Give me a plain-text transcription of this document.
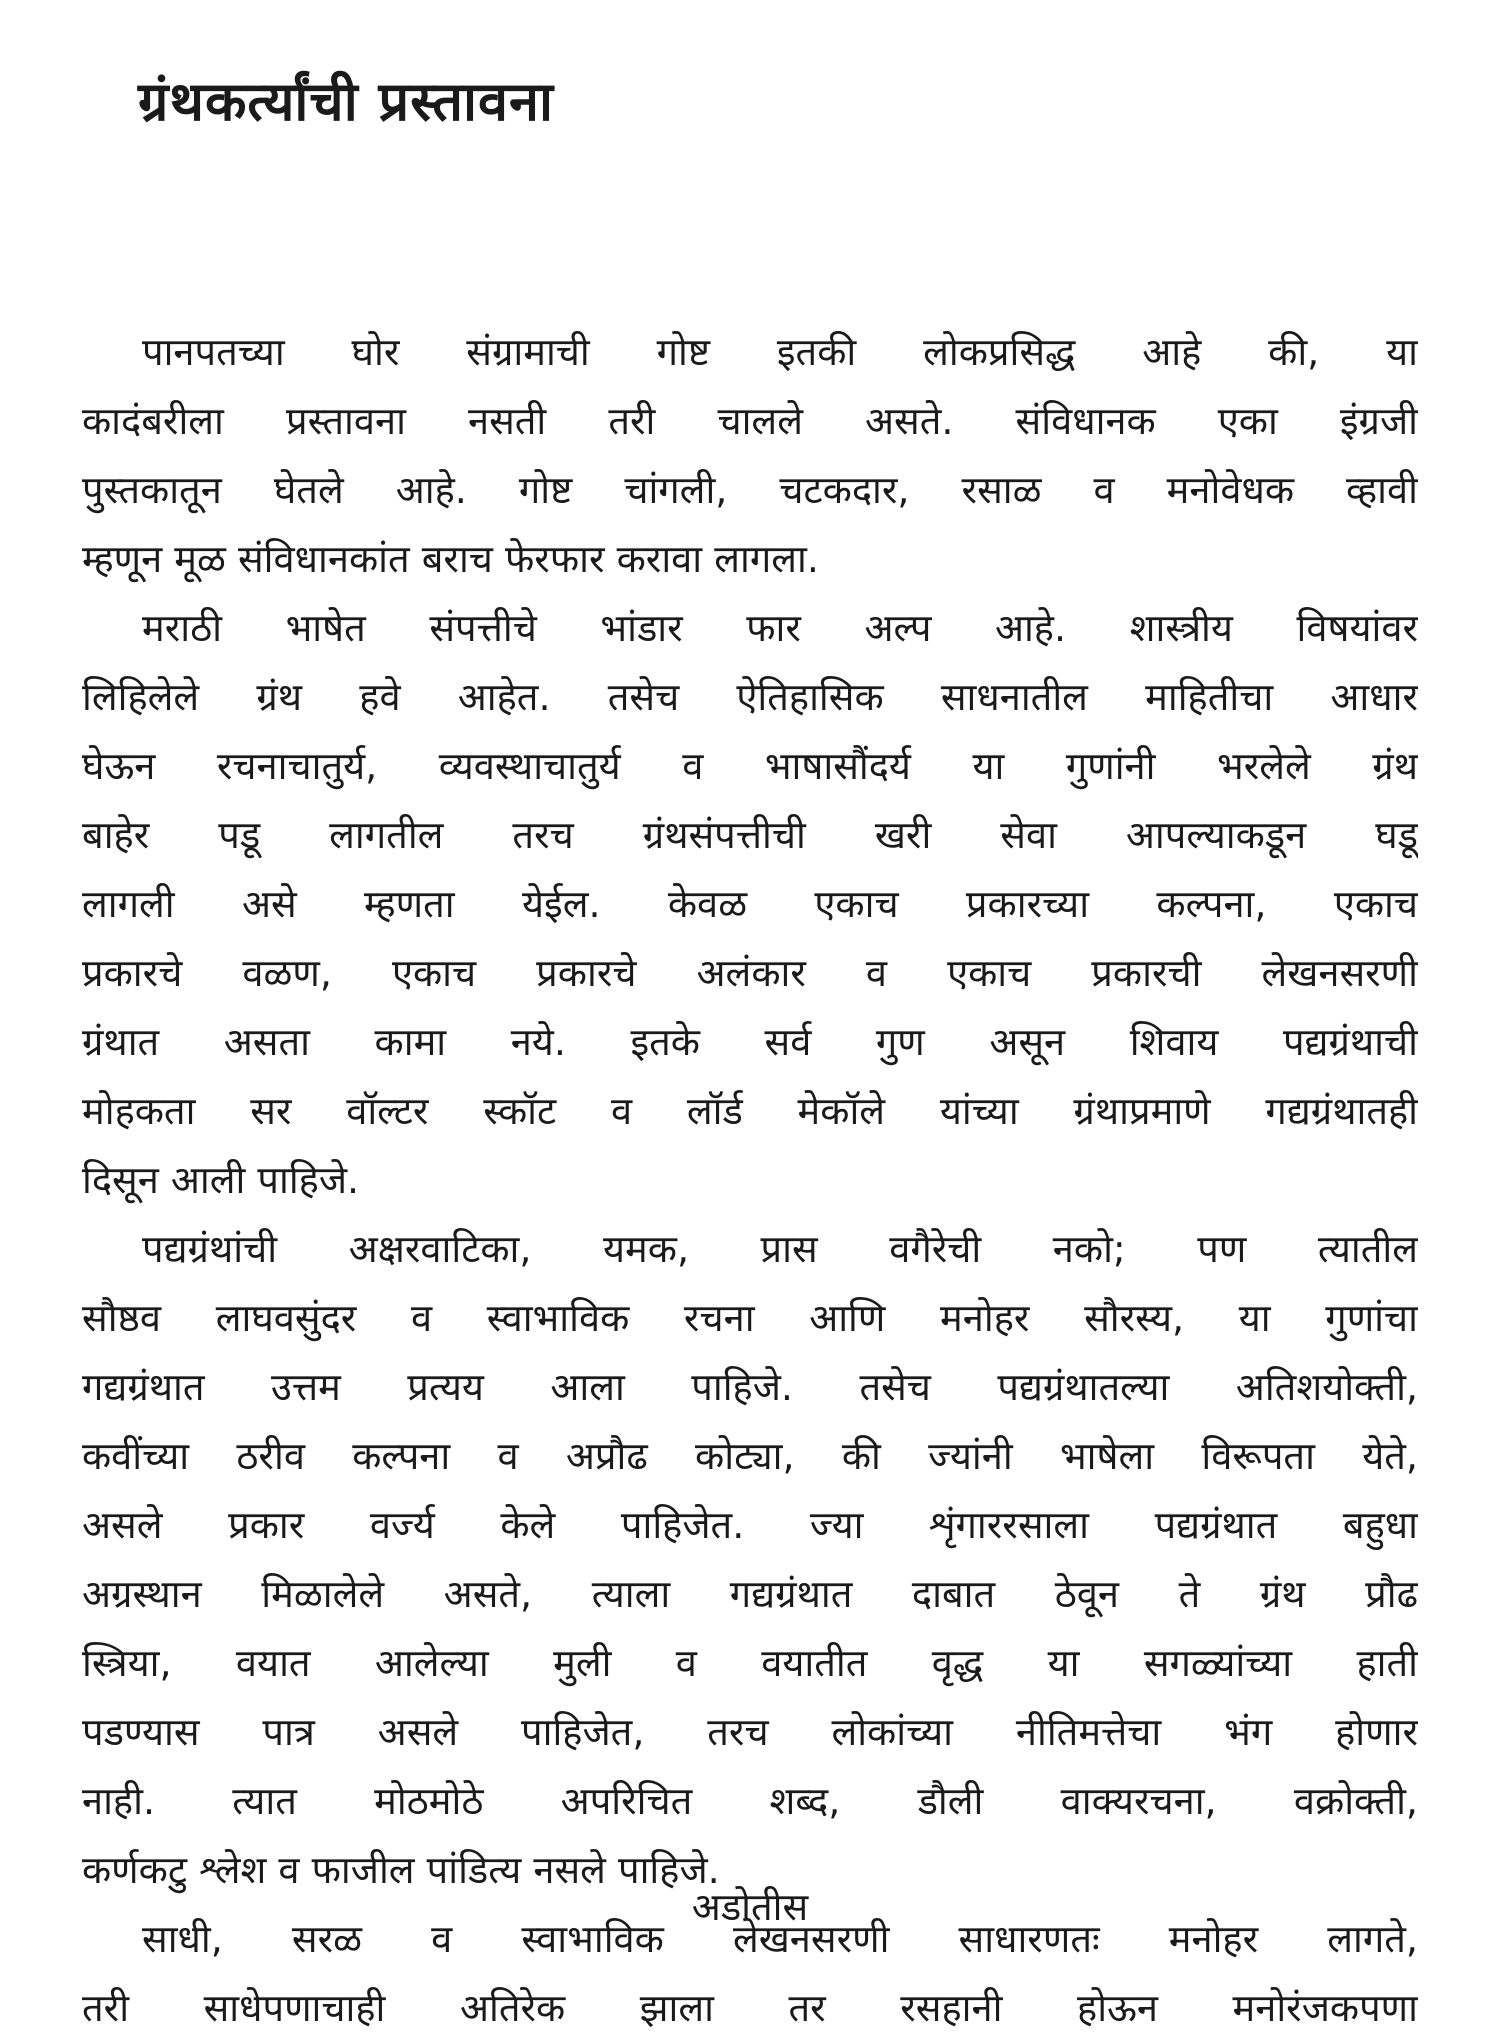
ग्रंथकर्त्यांची प्रस्तावना
पानपतच्या घोर संग्रामाची गोष्ट इतकी लोकप्रसिद्ध आहे की, या
कादंबरीला प्रस्तावना नसती तरी चालले असते. संविधानक एका इंग्रजी
पुस्तकातून घेतले आहे. गोष्ट चांगली, चटकदार, रसाळ व मनोवेधक व्हावी
म्हणून मूळ संविधानकांत बराच फेरफार करावा लागला.
मराठी भाषेत संपत्तीचे भांडार फार अल्प आहे. शास्त्रीय विषयांवर
लिहिलेले ग्रंथ हवे आहेत. तसेच ऐतिहासिक साधनातील माहितीचा आधार
घेऊन रचनाचातुर्य, व्यवस्थाचातुर्य व भाषासौंदर्य या गुणांनी भरलेले ग्रंथ
बाहेर पडू लागतील तरच ग्रंथसंपत्तीची खरी सेवा आपल्याकडून घडू
लागली असे म्हणता येईल. केवळ एकाच प्रकारच्या कल्पना, एकाच
प्रकारचे वळण, एकाच प्रकारचे अलंकार व एकाच प्रकारची लेखनसरणी
ग्रंथात असता कामा नये. इतके सर्व गुण असून शिवाय पद्यग्रंथाची
मोहकता सर वॉल्टर स्कॉट व लॉर्ड मेकॉले यांच्या ग्रंथाप्रमाणे गद्यग्रंथातही
दिसून आली पाहिजे.
पद्यग्रंथांची अक्षरवाटिका, यमक, प्रास वगैरेची नको; पण त्यातील
सौष्ठव लाघवसुंदर व स्वाभाविक रचना आणि मनोहर सौरस्य, या गुणांचा
गद्यग्रंथात उत्तम प्रत्यय आला पाहिजे. तसेच पद्यग्रंथातल्या अतिशयोक्ती,
कवींच्या ठरीव कल्पना व अप्रौढ कोट्या, की ज्यांनी भाषेला विरूपता येते,
असले प्रकार वर्ज्य केले पाहिजेत. ज्या शृंगाररसाला पद्यग्रंथात बहुधा
अग्रस्थान मिळालेले असते, त्याला गद्यग्रंथात दाबात ठेवून ते ग्रंथ प्रौढ
स्त्रिया, वयात आलेल्या मुली व वयातीत वृद्ध या सगळ्यांच्या हाती
पडण्यास पात्र असले पाहिजेत, तरच लोकांच्या नीतिमत्तेचा भंग होणार
नाही. त्यात मोठमोठे अपरिचित शब्द, डौली वाक्यरचना, वक्रोक्ती,
कर्णकटु श्लेश व फाजील पांडित्य नसले पाहिजे.
साधी, सरळ व स्वाभाविक लेखनसरणी साधारणतः मनोहर लागते,
तरी साधेपणाचाही अतिरेक झाला तर रसहानी होऊन मनोरंजकपणा
अडोतीस
